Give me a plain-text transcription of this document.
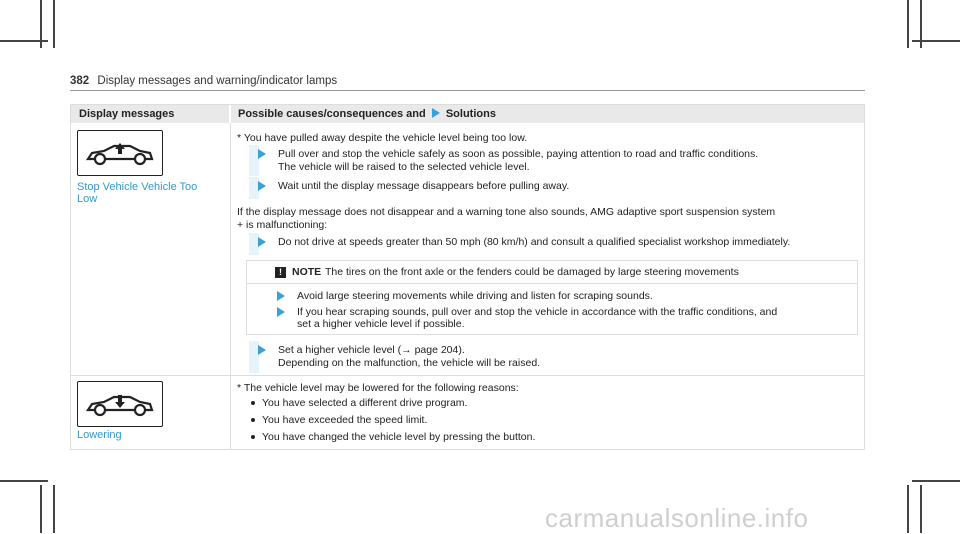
382 Display messages and warning/indicator lamps
Display messages	Possible causes/consequences and Solutions
Stop Vehicle Vehicle Too
Low
* You have pulled away despite the vehicle level being too low.
Pull over and stop the vehicle safely as soon as possible, paying attention to road and traffic conditions.
The vehicle will be raised to the selected vehicle level.
Wait until the display message disappears before pulling away.
If the display message does not disappear and a warning tone also sounds, AMG adaptive sport suspension system
+ is malfunctioning:
Do not drive at speeds greater than 50 mph (80 km/h) and consult a qualified specialist workshop immediately.
! NOTE The tires on the front axle or the fenders could be damaged by large steering movements
Avoid large steering movements while driving and listen for scraping sounds.
If you hear scraping sounds, pull over and stop the vehicle in accordance with the traffic conditions, and
set a higher vehicle level if possible.
Set a higher vehicle level (→ page 204).
Depending on the malfunction, the vehicle will be raised.
Lowering
* The vehicle level may be lowered for the following reasons:
You have selected a different drive program.
You have exceeded the speed limit.
You have changed the vehicle level by pressing the button.
carmanualsonline.info
